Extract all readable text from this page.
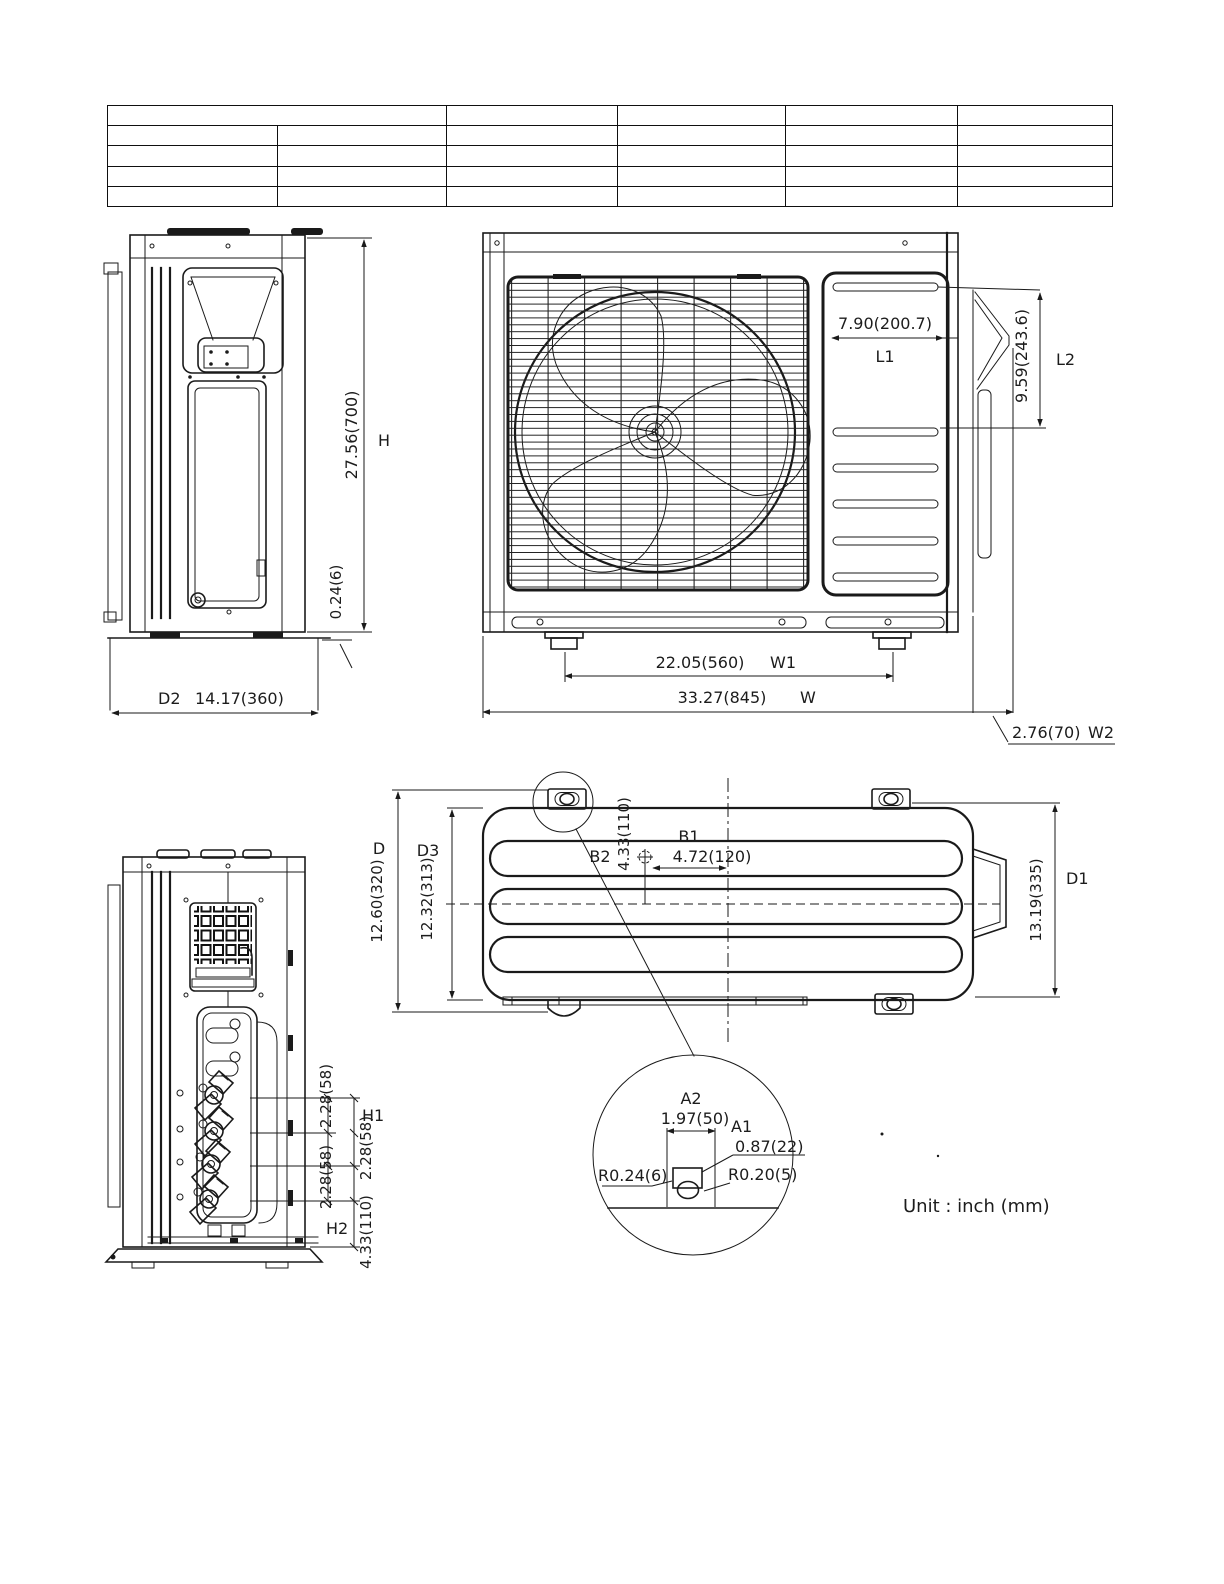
27.56(700) H
0.24(6)
D2 14.17(360)
7.90(200.7)
L1	9.59(243.6) L2
22.05(560) W1
33.27(845) W
2.76(70) W2
2.28(58) H1
2.28(58)
2.28(58)
H2 4.33(110)
B2 4.33(110)	B1
4.72(120)
D
12.60(320)
D3
12.32(313)	13.19(335) D1
A2
1.97(50) A1
0.87(22)
R0.24(6)	R0.20(5)
Unit : inch (mm)
